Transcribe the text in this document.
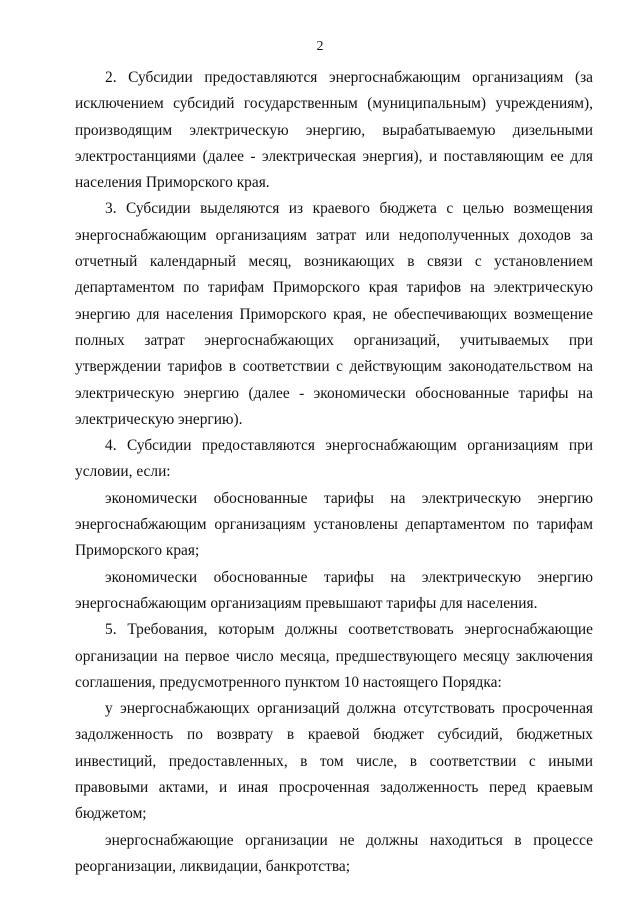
2

2. Субсидии предоставляются энергоснабжающим организациям (за исключением субсидий государственным (муниципальным) учреждениям), производящим электрическую энергию, вырабатываемую дизельными электростанциями (далее - электрическая энергия), и поставляющим ее для населения Приморского края.

3. Субсидии выделяются из краевого бюджета с целью возмещения энергоснабжающим организациям затрат или недополученных доходов за отчетный календарный месяц, возникающих в связи с установлением департаментом по тарифам Приморского края тарифов на электрическую энергию для населения Приморского края, не обеспечивающих возмещение полных затрат энергоснабжающих организаций, учитываемых при утверждении тарифов в соответствии с действующим законодательством на электрическую энергию (далее - экономически обоснованные тарифы на электрическую энергию).

4. Субсидии предоставляются энергоснабжающим организациям при условии, если:

экономически обоснованные тарифы на электрическую энергию энергоснабжающим организациям установлены департаментом по тарифам Приморского края;

экономически обоснованные тарифы на электрическую энергию энергоснабжающим организациям превышают тарифы для населения.

5. Требования, которым должны соответствовать энергоснабжающие организации на первое число месяца, предшествующего месяцу заключения соглашения, предусмотренного пунктом 10 настоящего Порядка:

у энергоснабжающих организаций должна отсутствовать просроченная задолженность по возврату в краевой бюджет субсидий, бюджетных инвестиций, предоставленных, в том числе, в соответствии с иными правовыми актами, и иная просроченная задолженность перед краевым бюджетом;

энергоснабжающие организации не должны находиться в процессе реорганизации, ликвидации, банкротства;
